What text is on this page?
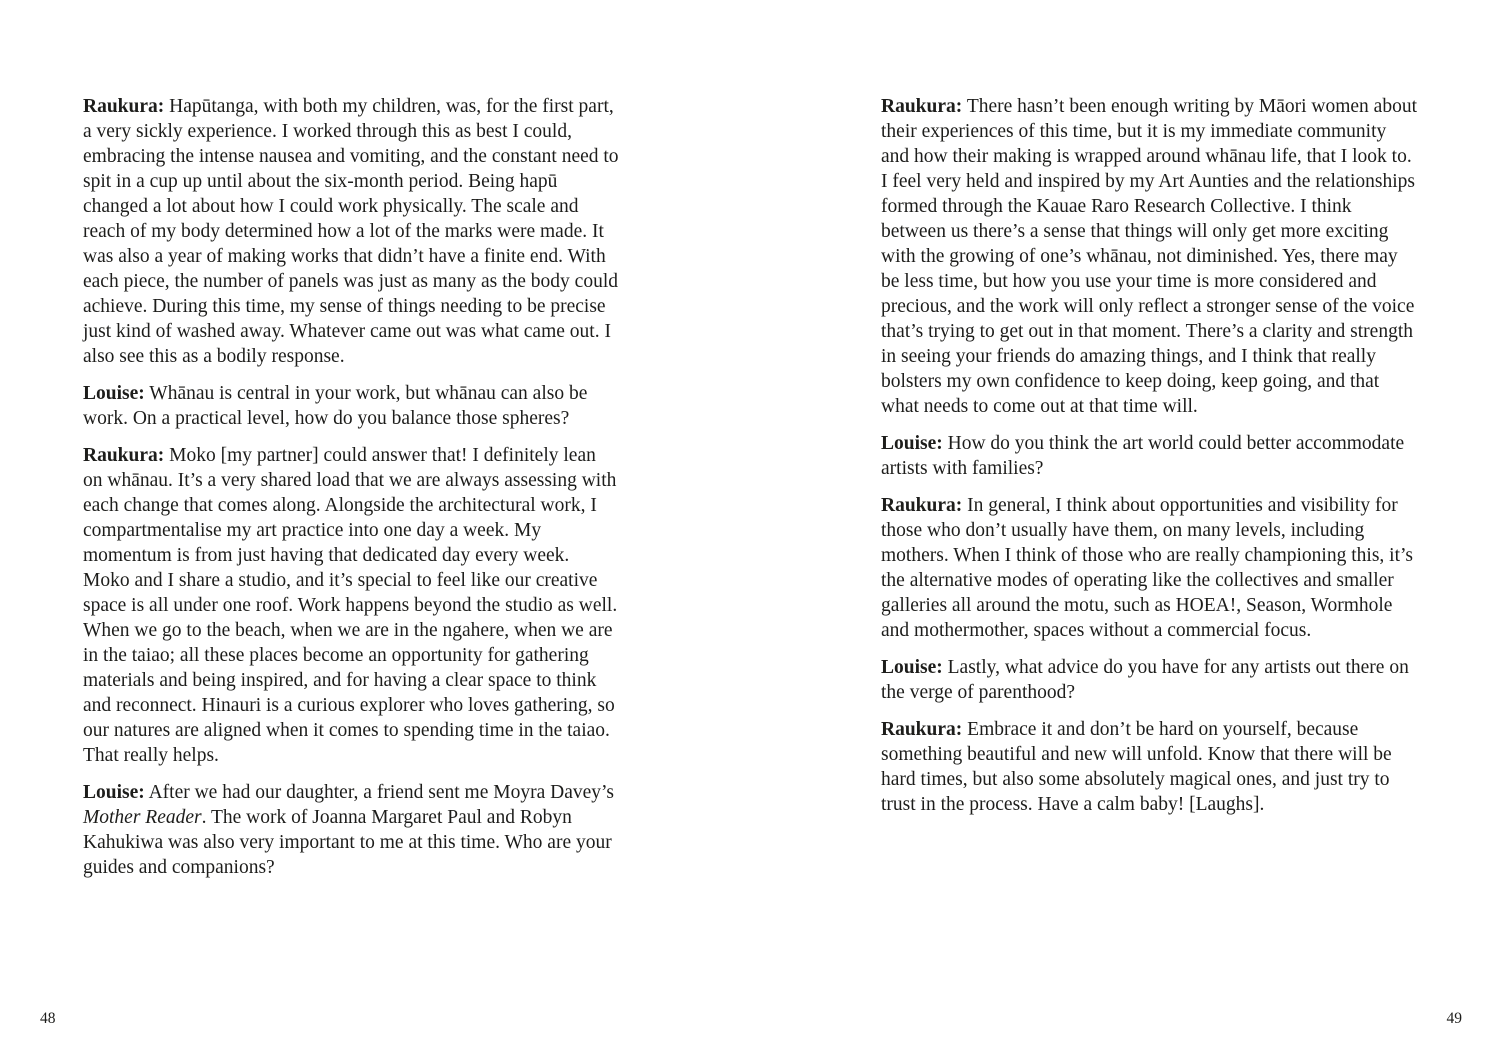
Raukura: Hapūtanga, with both my children, was, for the first part, a very sickly experience. I worked through this as best I could, embracing the intense nausea and vomiting, and the constant need to spit in a cup up until about the six-month period. Being hapū changed a lot about how I could work physically. The scale and reach of my body determined how a lot of the marks were made. It was also a year of making works that didn’t have a finite end. With each piece, the number of panels was just as many as the body could achieve. During this time, my sense of things needing to be precise just kind of washed away. Whatever came out was what came out. I also see this as a bodily response.

Louise: Whānau is central in your work, but whānau can also be work. On a practical level, how do you balance those spheres?

Raukura: Moko [my partner] could answer that! I definitely lean on whānau. It’s a very shared load that we are always assessing with each change that comes along. Alongside the architectural work, I compartmentalise my art practice into one day a week. My momentum is from just having that dedicated day every week. Moko and I share a studio, and it’s special to feel like our creative space is all under one roof. Work happens beyond the studio as well. When we go to the beach, when we are in the ngahere, when we are in the taiao; all these places become an opportunity for gathering materials and being inspired, and for having a clear space to think and reconnect. Hinauri is a curious explorer who loves gathering, so our natures are aligned when it comes to spending time in the taiao. That really helps.

Louise: After we had our daughter, a friend sent me Moyra Davey’s Mother Reader. The work of Joanna Margaret Paul and Robyn Kahukiwa was also very important to me at this time. Who are your guides and companions?

48

Raukura: There hasn’t been enough writing by Māori women about their experiences of this time, but it is my immediate community and how their making is wrapped around whānau life, that I look to. I feel very held and inspired by my Art Aunties and the relationships formed through the Kauae Raro Research Collective. I think between us there’s a sense that things will only get more exciting with the growing of one’s whānau, not diminished. Yes, there may be less time, but how you use your time is more considered and precious, and the work will only reflect a stronger sense of the voice that’s trying to get out in that moment. There’s a clarity and strength in seeing your friends do amazing things, and I think that really bolsters my own confidence to keep doing, keep going, and that what needs to come out at that time will.

Louise: How do you think the art world could better accommodate artists with families?

Raukura: In general, I think about opportunities and visibility for those who don’t usually have them, on many levels, including mothers. When I think of those who are really championing this, it’s the alternative modes of operating like the collectives and smaller galleries all around the motu, such as HOEA!, Season, Wormhole and mothermother, spaces without a commercial focus.

Louise: Lastly, what advice do you have for any artists out there on the verge of parenthood?

Raukura: Embrace it and don’t be hard on yourself, because something beautiful and new will unfold. Know that there will be hard times, but also some absolutely magical ones, and just try to trust in the process. Have a calm baby! [Laughs].

49
